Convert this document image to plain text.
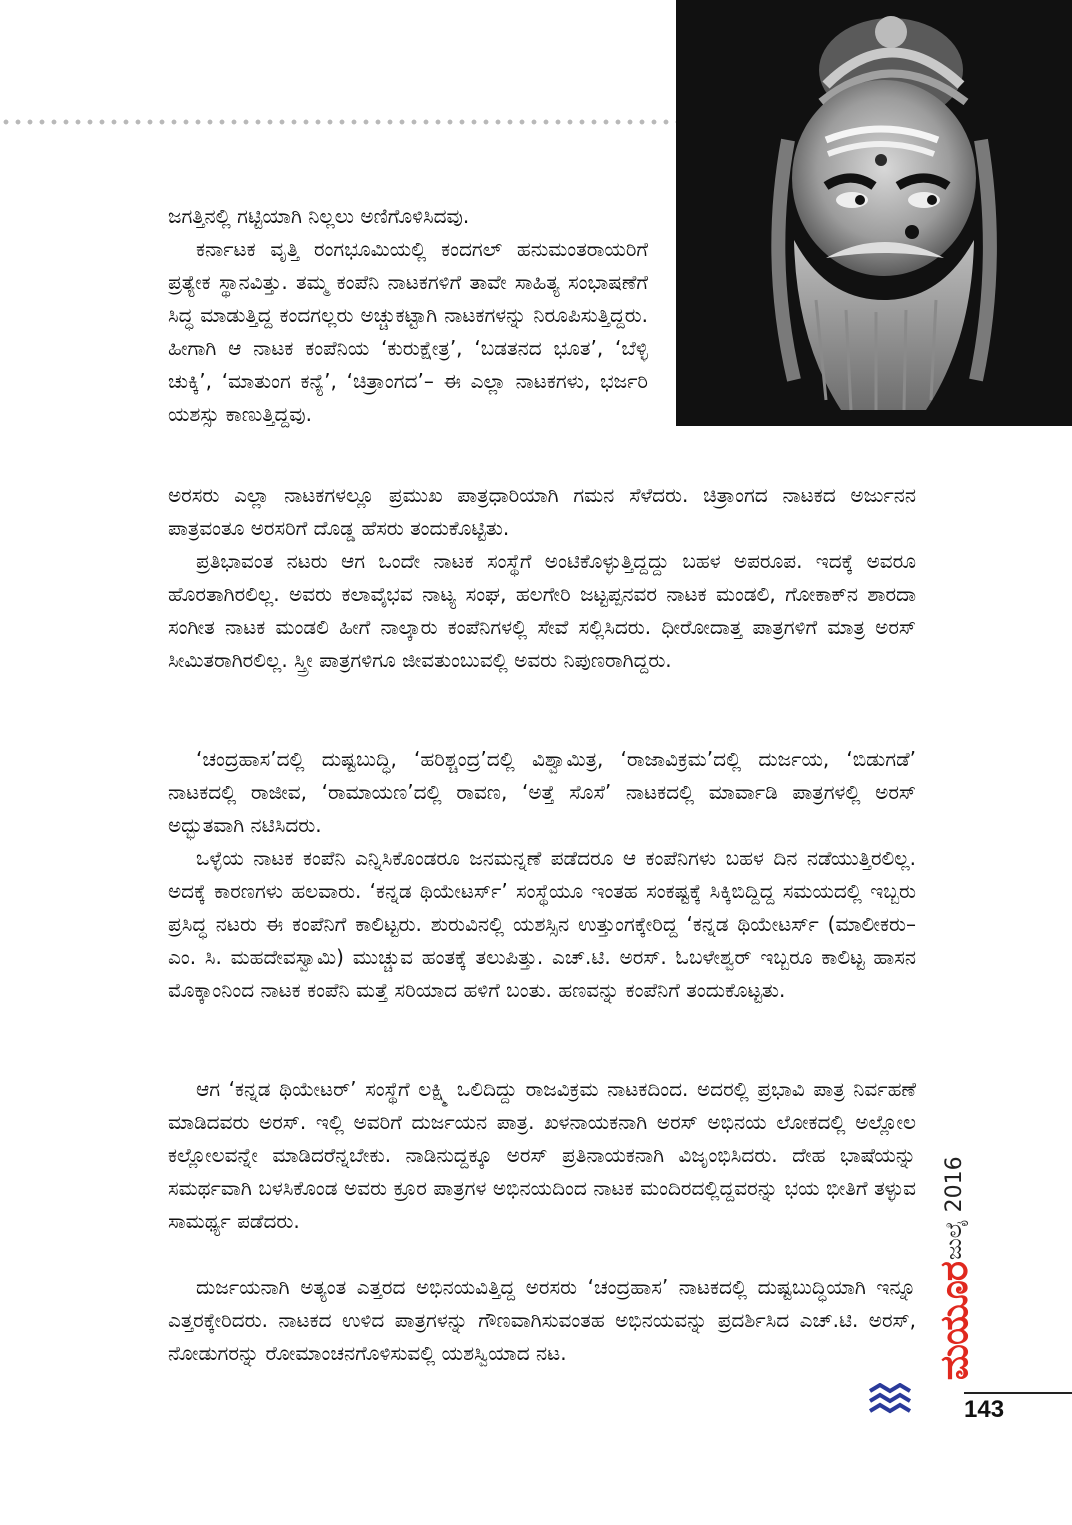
ಜಗತ್ತಿನಲ್ಲಿ ಗಟ್ಟಿಯಾಗಿ ನಿಲ್ಲಲು ಅಣಿಗೊಳಿಸಿದವು.

ಕರ್ನಾಟಕ ವೃತ್ತಿ ರಂಗಭೂಮಿಯಲ್ಲಿ ಕಂದಗಲ್ ಹನುಮಂತರಾಯರಿಗೆ ಪ್ರತ್ಯೇಕ ಸ್ಥಾನವಿತ್ತು. ತಮ್ಮ ಕಂಪೆನಿ ನಾಟಕಗಳಿಗೆ ತಾವೇ ಸಾಹಿತ್ಯ ಸಂಭಾಷಣೆಗೆ ಸಿದ್ಧ ಮಾಡುತ್ತಿದ್ದ ಕಂದಗಲ್ಲರು ಅಚ್ಚುಕಟ್ಟಾಗಿ ನಾಟಕಗಳನ್ನು ನಿರೂಪಿಸುತ್ತಿದ್ದರು. ಹೀಗಾಗಿ ಆ ನಾಟಕ ಕಂಪೆನಿಯ ‘ಕುರುಕ್ಷೇತ್ರ’, ‘ಬಡತನದ ಭೂತ’, ‘ಬೆಳ್ಳಿ ಚುಕ್ಕಿ’, ‘ಮಾತುಂಗ ಕನ್ಯೆ’, ‘ಚಿತ್ರಾಂಗದ’– ಈ ಎಲ್ಲಾ ನಾಟಕಗಳು, ಭರ್ಜರಿ ಯಶಸ್ಸು ಕಾಣುತ್ತಿದ್ದವು.

ಅರಸರು ಎಲ್ಲಾ ನಾಟಕಗಳಲ್ಲೂ ಪ್ರಮುಖ ಪಾತ್ರಧಾರಿಯಾಗಿ ಗಮನ ಸೆಳೆದರು. ಚಿತ್ರಾಂಗದ ನಾಟಕದ ಅರ್ಜುನನ ಪಾತ್ರವಂತೂ ಅರಸರಿಗೆ ದೊಡ್ಡ ಹೆಸರು ತಂದುಕೊಟ್ಟಿತು.

ಪ್ರತಿಭಾವಂತ ನಟರು ಆಗ ಒಂದೇ ನಾಟಕ ಸಂಸ್ಥೆಗೆ ಅಂಟಿಕೊಳ್ಳುತ್ತಿದ್ದದ್ದು ಬಹಳ ಅಪರೂಪ. ಇದಕ್ಕೆ ಅವರೂ ಹೊರತಾಗಿರಲಿಲ್ಲ. ಅವರು ಕಲಾವೈಭವ ನಾಟ್ಯ ಸಂಘ, ಹಲಗೇರಿ ಜಟ್ಟಪ್ಪನವರ ನಾಟಕ ಮಂಡಲಿ, ಗೋಕಾಕ್‌ನ ಶಾರದಾ ಸಂಗೀತ ನಾಟಕ ಮಂಡಲಿ ಹೀಗೆ ನಾಲ್ಕಾರು ಕಂಪೆನಿಗಳಲ್ಲಿ ಸೇವೆ ಸಲ್ಲಿಸಿದರು. ಧೀರೋದಾತ್ತ ಪಾತ್ರಗಳಿಗೆ ಮಾತ್ರ ಅರಸ್ ಸೀಮಿತರಾಗಿರಲಿಲ್ಲ. ಸ್ತ್ರೀ ಪಾತ್ರಗಳಿಗೂ ಜೀವತುಂಬುವಲ್ಲಿ ಅವರು ನಿಪುಣರಾಗಿದ್ದರು.

‘ಚಂದ್ರಹಾಸ’ದಲ್ಲಿ ದುಷ್ಟಬುದ್ಧಿ, ‘ಹರಿಶ್ಚಂದ್ರ’ದಲ್ಲಿ ವಿಶ್ವಾಮಿತ್ರ, ‘ರಾಜಾವಿಕ್ರಮ’ದಲ್ಲಿ ದುರ್ಜಯ, ‘ಬಿಡುಗಡೆ’ ನಾಟಕದಲ್ಲಿ ರಾಜೀವ, ‘ರಾಮಾಯಣ’ದಲ್ಲಿ ರಾವಣ, ‘ಅತ್ತೆ ಸೊಸೆ’ ನಾಟಕದಲ್ಲಿ ಮಾರ್ವಾಡಿ ಪಾತ್ರಗಳಲ್ಲಿ ಅರಸ್ ಅದ್ಭುತವಾಗಿ ನಟಿಸಿದರು.

ಒಳ್ಳೆಯ ನಾಟಕ ಕಂಪೆನಿ ಎನ್ನಿಸಿಕೊಂಡರೂ ಜನಮನ್ನಣೆ ಪಡೆದರೂ ಆ ಕಂಪೆನಿಗಳು ಬಹಳ ದಿನ ನಡೆಯುತ್ತಿರಲಿಲ್ಲ. ಅದಕ್ಕೆ ಕಾರಣಗಳು ಹಲವಾರು. ‘ಕನ್ನಡ ಥಿಯೇಟರ್ಸ್’ ಸಂಸ್ಥೆಯೂ ಇಂತಹ ಸಂಕಷ್ಟಕ್ಕೆ ಸಿಕ್ಕಿಬಿದ್ದಿದ್ದ ಸಮಯದಲ್ಲಿ ಇಬ್ಬರು ಪ್ರಸಿದ್ಧ ನಟರು ಈ ಕಂಪೆನಿಗೆ ಕಾಲಿಟ್ಟರು. ಶುರುವಿನಲ್ಲಿ ಯಶಸ್ಸಿನ ಉತ್ತುಂಗಕ್ಕೇರಿದ್ದ ‘ಕನ್ನಡ ಥಿಯೇಟರ್ಸ್ (ಮಾಲೀಕರು–ಎಂ. ಸಿ. ಮಹದೇವಸ್ವಾಮಿ) ಮುಚ್ಚುವ ಹಂತಕ್ಕೆ ತಲುಪಿತ್ತು. ಎಚ್.ಟಿ. ಅರಸ್. ಓಬಳೇಶ್ವರ್ ಇಬ್ಬರೂ ಕಾಲಿಟ್ಟ ಹಾಸನ ಮೊಕ್ಕಾಂನಿಂದ ನಾಟಕ ಕಂಪೆನಿ ಮತ್ತೆ ಸರಿಯಾದ ಹಳಿಗೆ ಬಂತು. ಹಣವನ್ನು ಕಂಪೆನಿಗೆ ತಂದುಕೊಟ್ಟತು.

ಆಗ ‘ಕನ್ನಡ ಥಿಯೇಟರ್’ ಸಂಸ್ಥೆಗೆ ಲಕ್ಷ್ಮಿ ಒಲಿದಿದ್ದು ರಾಜವಿಕ್ರಮ ನಾಟಕದಿಂದ. ಅದರಲ್ಲಿ ಪ್ರಭಾವಿ ಪಾತ್ರ ನಿರ್ವಹಣೆ ಮಾಡಿದವರು ಅರಸ್. ಇಲ್ಲಿ ಅವರಿಗೆ ದುರ್ಜಯನ ಪಾತ್ರ. ಖಳನಾಯಕನಾಗಿ ಅರಸ್ ಅಭಿನಯ ಲೋಕದಲ್ಲಿ ಅಲ್ಲೋಲ ಕಲ್ಲೋಲವನ್ನೇ ಮಾಡಿದರೆನ್ನಬೇಕು. ನಾಡಿನುದ್ದಕ್ಕೂ ಅರಸ್ ಪ್ರತಿನಾಯಕನಾಗಿ ವಿಜೃಂಭಿಸಿದರು. ದೇಹ ಭಾಷೆಯನ್ನು ಸಮರ್ಥವಾಗಿ ಬಳಸಿಕೊಂಡ ಅವರು ಕ್ರೂರ ಪಾತ್ರಗಳ ಅಭಿನಯದಿಂದ ನಾಟಕ ಮಂದಿರದಲ್ಲಿದ್ದವರನ್ನು ಭಯ ಭೀತಿಗೆ ತಳ್ಳುವ ಸಾಮರ್ಥ್ಯ ಪಡೆದರು.

ದುರ್ಜಯನಾಗಿ ಅತ್ಯಂತ ಎತ್ತರದ ಅಭಿನಯವಿತ್ತಿದ್ದ ಅರಸರು ‘ಚಂದ್ರಹಾಸ’ ನಾಟಕದಲ್ಲಿ ದುಷ್ಟಬುದ್ಧಿಯಾಗಿ ಇನ್ನೂ ಎತ್ತರಕ್ಕೇರಿದರು. ನಾಟಕದ ಉಳಿದ ಪಾತ್ರಗಳನ್ನು ಗೌಣವಾಗಿಸುವಂತಹ ಅಭಿನಯವನ್ನು ಪ್ರದರ್ಶಿಸಿದ ಎಚ್.ಟಿ. ಅರಸ್, ನೋಡುಗರನ್ನು ರೋಮಾಂಚನಗೊಳಿಸುವಲ್ಲಿ ಯಶಸ್ವಿಯಾದ ನಟ.

ಜುಲೈ 2016
ಮಯೂರ
143
